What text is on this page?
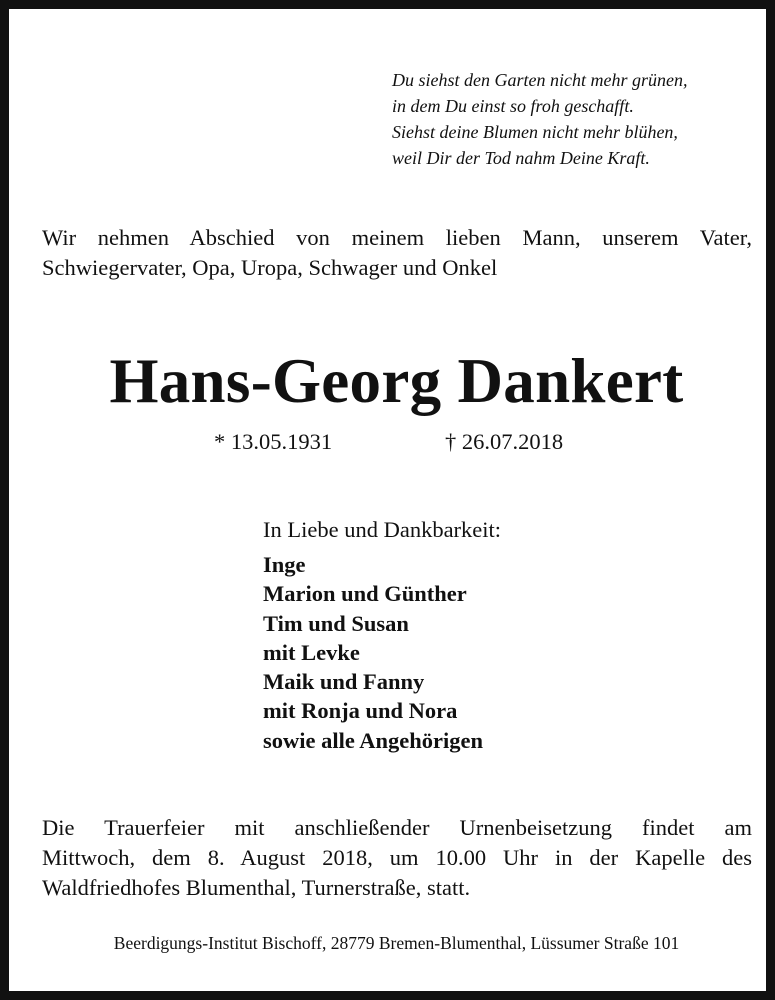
Du siehst den Garten nicht mehr grünen,
in dem Du einst so froh geschafft.
Siehst deine Blumen nicht mehr blühen,
weil Dir der Tod nahm Deine Kraft.
Wir nehmen Abschied von meinem lieben Mann, unserem Vater,
Schwiegervater, Opa, Uropa, Schwager und Onkel
Hans-Georg Dankert
* 13.05.1931	† 26.07.2018
In Liebe und Dankbarkeit:
Inge
Marion und Günther
Tim und Susan
mit Levke
Maik und Fanny
mit Ronja und Nora
sowie alle Angehörigen
Die Trauerfeier mit anschließender Urnenbeisetzung findet am
Mittwoch, dem 8. August 2018, um 10.00 Uhr in der Kapelle des
Waldfriedhofes Blumenthal, Turnerstraße, statt.
Beerdigungs-Institut Bischoff, 28779 Bremen-Blumenthal, Lüssumer Straße 101
